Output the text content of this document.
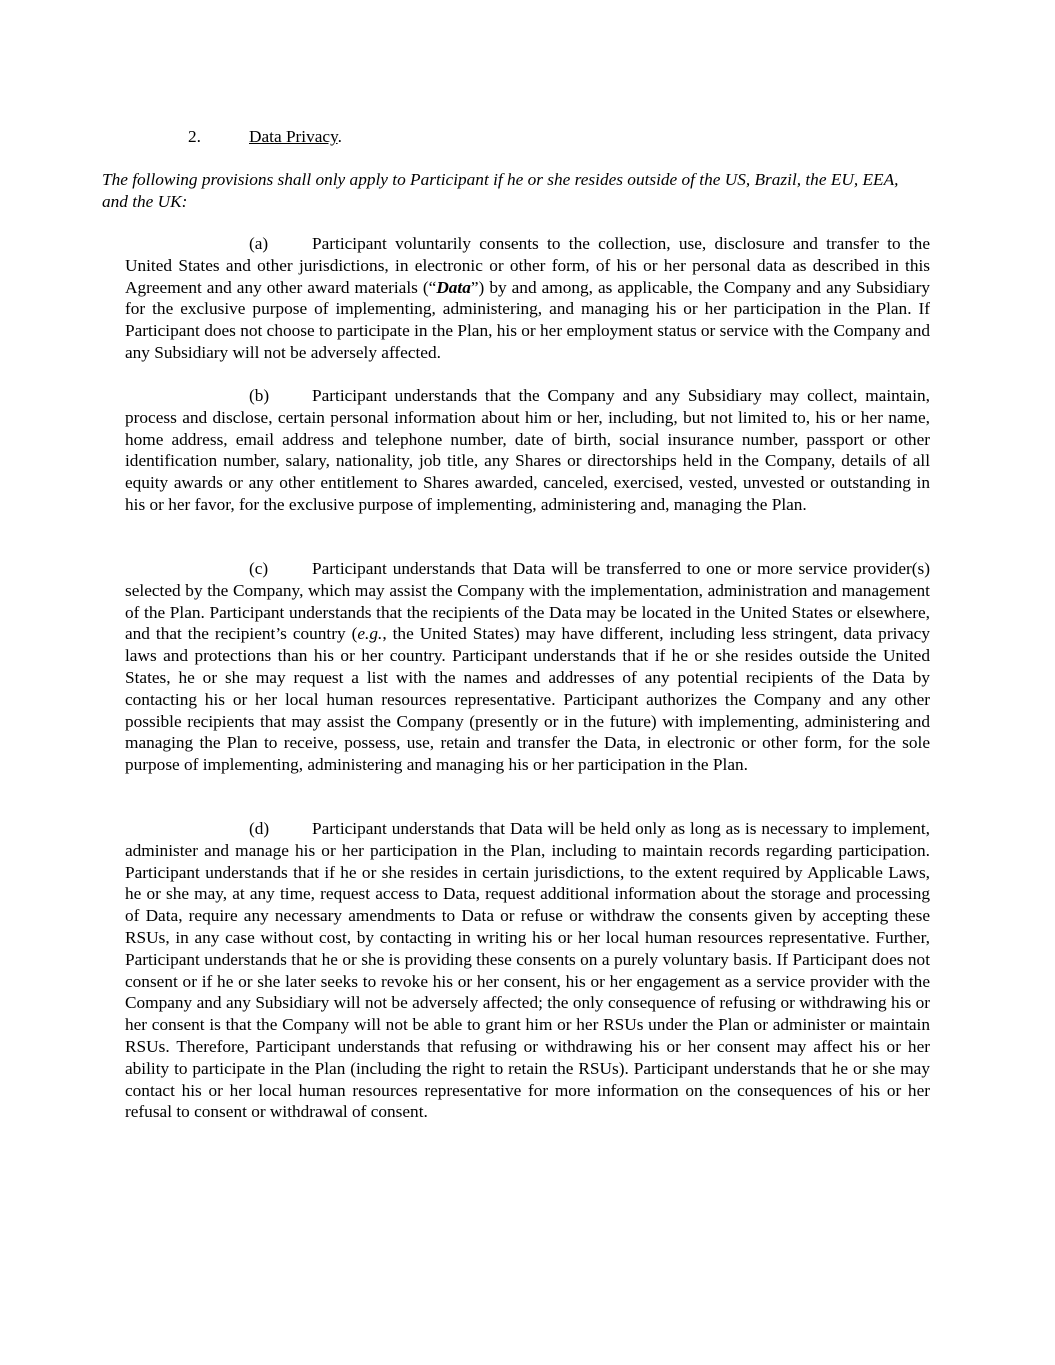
2.	Data Privacy.
The following provisions shall only apply to Participant if he or she resides outside of the US, Brazil, the EU, EEA, and the UK:
(a)	Participant voluntarily consents to the collection, use, disclosure and transfer to the United States and other jurisdictions, in electronic or other form, of his or her personal data as described in this Agreement and any other award materials (“Data”) by and among, as applicable, the Company and any Subsidiary for the exclusive purpose of implementing, administering, and managing his or her participation in the Plan. If Participant does not choose to participate in the Plan, his or her employment status or service with the Company and any Subsidiary will not be adversely affected.
(b) Participant understands that the Company and any Subsidiary may collect, maintain, process and disclose, certain personal information about him or her, including, but not limited to, his or her name, home address, email address and telephone number, date of birth, social insurance number, passport or other identification number, salary, nationality, job title, any Shares or directorships held in the Company, details of all equity awards or any other entitlement to Shares awarded, canceled, exercised, vested, unvested or outstanding in his or her favor, for the exclusive purpose of implementing, administering and, managing the Plan.
(c)	Participant understands that Data will be transferred to one or more service provider(s) selected by the Company, which may assist the Company with the implementation, administration and management of the Plan. Participant understands that the recipients of the Data may be located in the United States or elsewhere, and that the recipient’s country (e.g., the United States) may have different, including less stringent, data privacy laws and protections than his or her country. Participant understands that if he or she resides outside the United States, he or she may request a list with the names and addresses of any potential recipients of the Data by contacting his or her local human resources representative. Participant authorizes the Company and any other possible recipients that may assist the Company (presently or in the future) with implementing, administering and managing the Plan to receive, possess, use, retain and transfer the Data, in electronic or other form, for the sole purpose of implementing, administering and managing his or her participation in the Plan.
(d) Participant understands that Data will be held only as long as is necessary to implement, administer and manage his or her participation in the Plan, including to maintain records regarding participation. Participant understands that if he or she resides in certain jurisdictions, to the extent required by Applicable Laws, he or she may, at any time, request access to Data, request additional information about the storage and processing of Data, require any necessary amendments to Data or refuse or withdraw the consents given by accepting these RSUs, in any case without cost, by contacting in writing his or her local human resources representative. Further, Participant understands that he or she is providing these consents on a purely voluntary basis. If Participant does not consent or if he or she later seeks to revoke his or her consent, his or her engagement as a service provider with the Company and any Subsidiary will not be adversely affected; the only consequence of refusing or withdrawing his or her consent is that the Company will not be able to grant him or her RSUs under the Plan or administer or maintain RSUs. Therefore, Participant understands that refusing or withdrawing his or her consent may affect his or her ability to participate in the Plan (including the right to retain the RSUs). Participant understands that he or she may contact his or her local human resources representative for more information on the consequences of his or her refusal to consent or withdrawal of consent.
